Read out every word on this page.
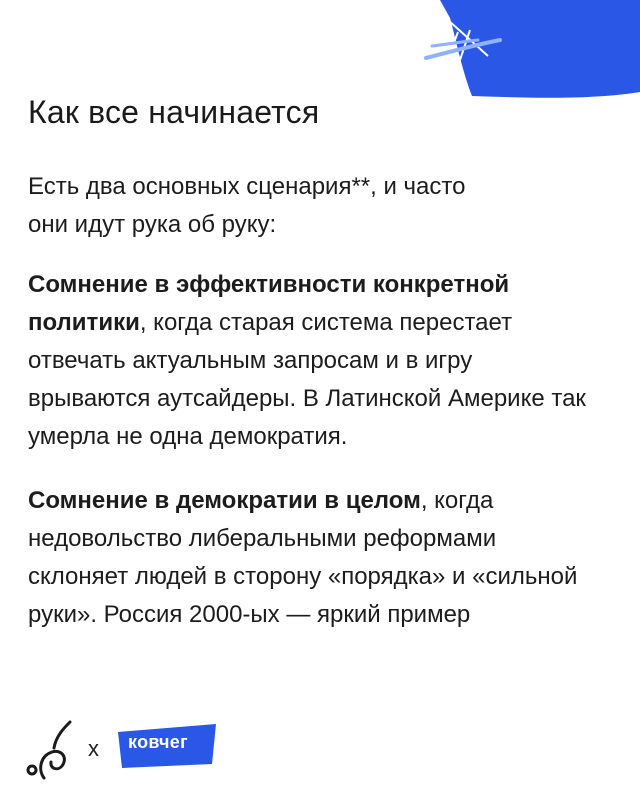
Как все начинается

Есть два основных сценария**, и часто
они идут рука об руку:

Сомнение в эффективности конкретной политики, когда старая система перестает отвечать актуальным запросам и в игру врываются аутсайдеры. В Латинской Америке так умерла не одна демократия.

Сомнение в демократии в целом, когда недовольство либеральными реформами склоняет людей в сторону «порядка» и «сильной руки». Россия 2000-ых — яркий пример

x ковчег
